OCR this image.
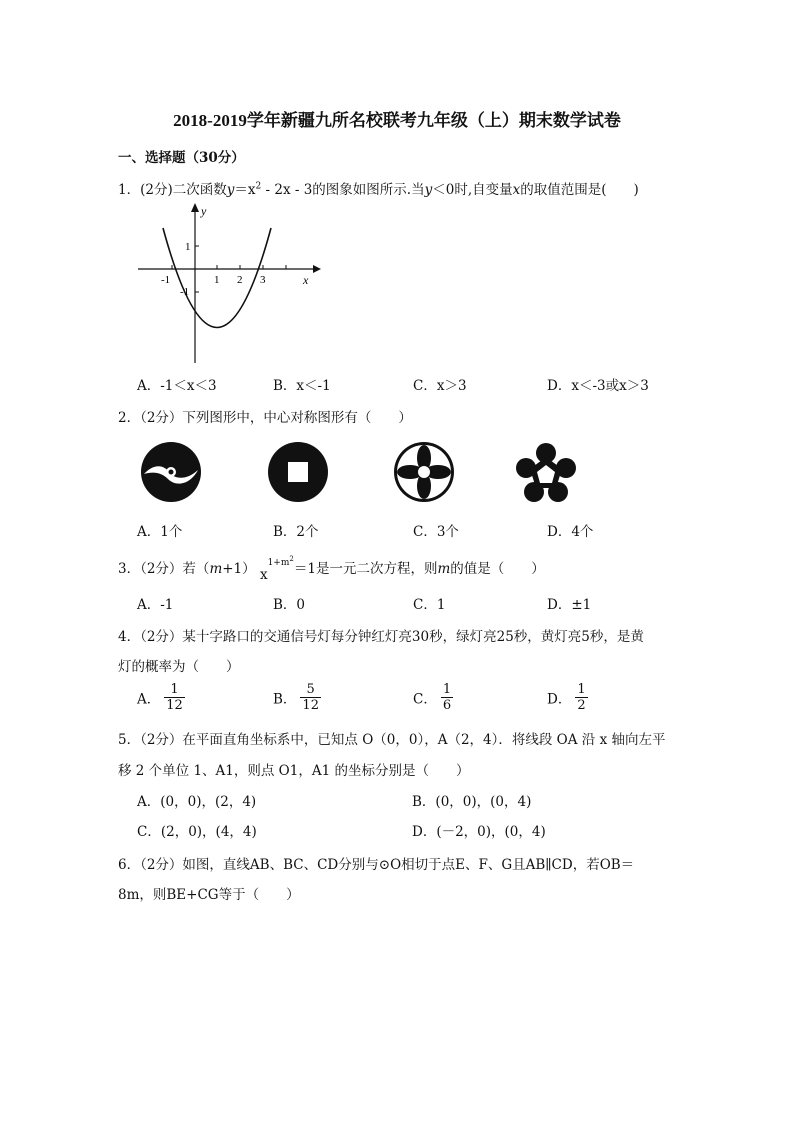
2018-2019学年新疆九所名校联考九年级（上）期末数学试卷
一、选择题（30分）
1．(2分)二次函数$y=x^2 - 2x - 3$的图象如图所示.当y＜0时,自变量x的取值范围是(　　)
y
x
-1	1 2 3
1
-1
A．-1＜x＜3	B．x＜-1	C．x＞3	D．x＜-3或x＞3
2．（2分）下列图形中，中心对称图形有（　　）
A．1个	B．2个	C．3个	D．4个
3．（2分）若（m+1） $x^{1+m^2}=1$是一元二次方程，则m的值是（　　）
A．-1	B．0	C．1	D．±1
4．（2分）某十字路口的交通信号灯每分钟红灯亮30秒，绿灯亮25秒，黄灯亮5秒，是黄
灯的概率为（　　）
A． $\frac{1}{12}$	B． $\frac{5}{12}$	C． $\frac{1}{6}$	D． $\frac{1}{2}$
5．（2分）在平面直角坐标系中，已知点 O（0，0），A（2，4）．将线段 OA 沿 x 轴向左平
移 2 个单位 1、A1，则点 O1，A1 的坐标分别是（　　）
A．(0，0)，(2，4)	B．(0，0)，(0，4)
C．(2，0)，(4，4)	D．(－2，0)，(0，4)
6．（2分）如图，直线AB、BC、CD分别与⊙O相切于点E、F、G且AB∥CD，若OB＝
8m，则BE+CG等于（　　）
